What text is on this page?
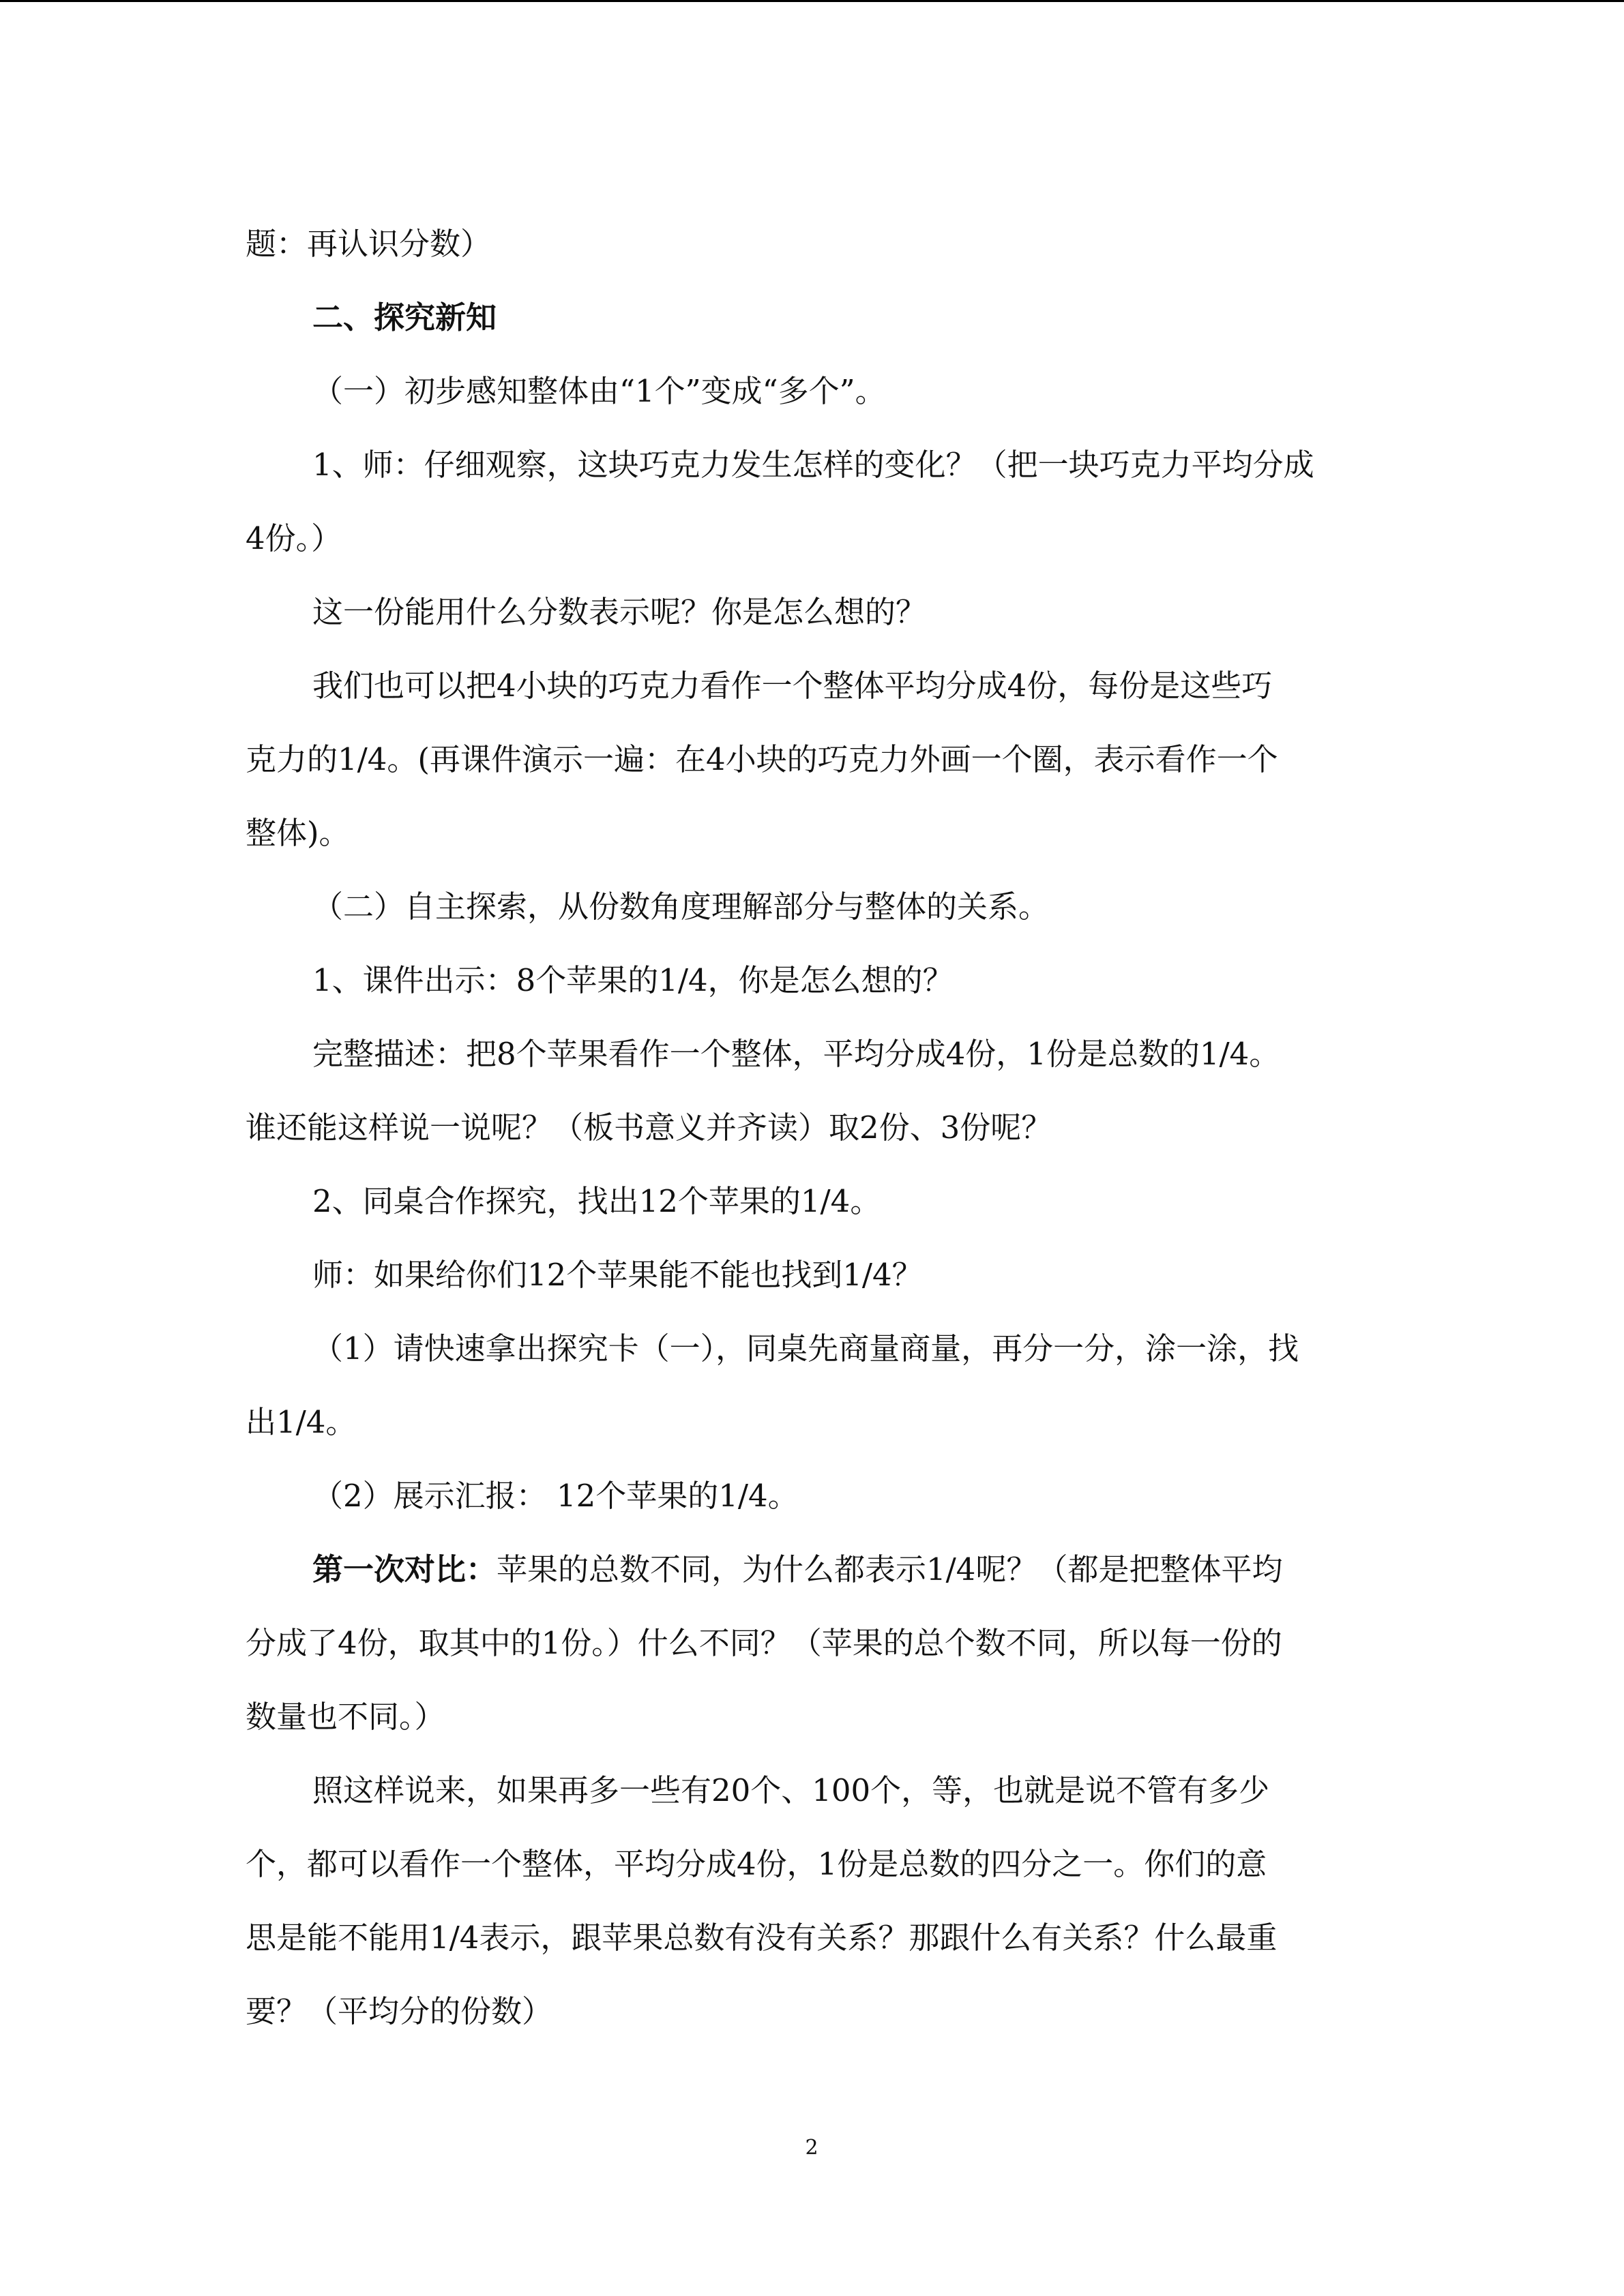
题：再认识分数）

二、探究新知

（一）初步感知整体由“1个”变成“多个”。

1、师：仔细观察，这块巧克力发生怎样的变化？（把一块巧克力平均分成

4份。）

这一份能用什么分数表示呢？你是怎么想的？

我们也可以把4小块的巧克力看作一个整体平均分成4份，每份是这些巧

克力的1/4。(再课件演示一遍：在4小块的巧克力外画一个圈，表示看作一个

整体)。

（二）自主探索，从份数角度理解部分与整体的关系。

1、课件出示：8个苹果的1/4，你是怎么想的？

完整描述：把8个苹果看作一个整体，平均分成4份，1份是总数的1/4。

谁还能这样说一说呢？（板书意义并齐读）取2份、3份呢？

2、同桌合作探究，找出12个苹果的1/4。

师：如果给你们12个苹果能不能也找到1/4？

（1）请快速拿出探究卡（一），同桌先商量商量，再分一分，涂一涂，找

出1/4。

（2）展示汇报： 12个苹果的1/4。

第一次对比：苹果的总数不同，为什么都表示1/4呢？（都是把整体平均

分成了4份，取其中的1份。）什么不同？（苹果的总个数不同，所以每一份的

数量也不同。）

照这样说来，如果再多一些有20个、100个，等，也就是说不管有多少

个，都可以看作一个整体，平均分成4份，1份是总数的四分之一。你们的意

思是能不能用1/4表示，跟苹果总数有没有关系？那跟什么有关系？什么最重

要？（平均分的份数）

2
